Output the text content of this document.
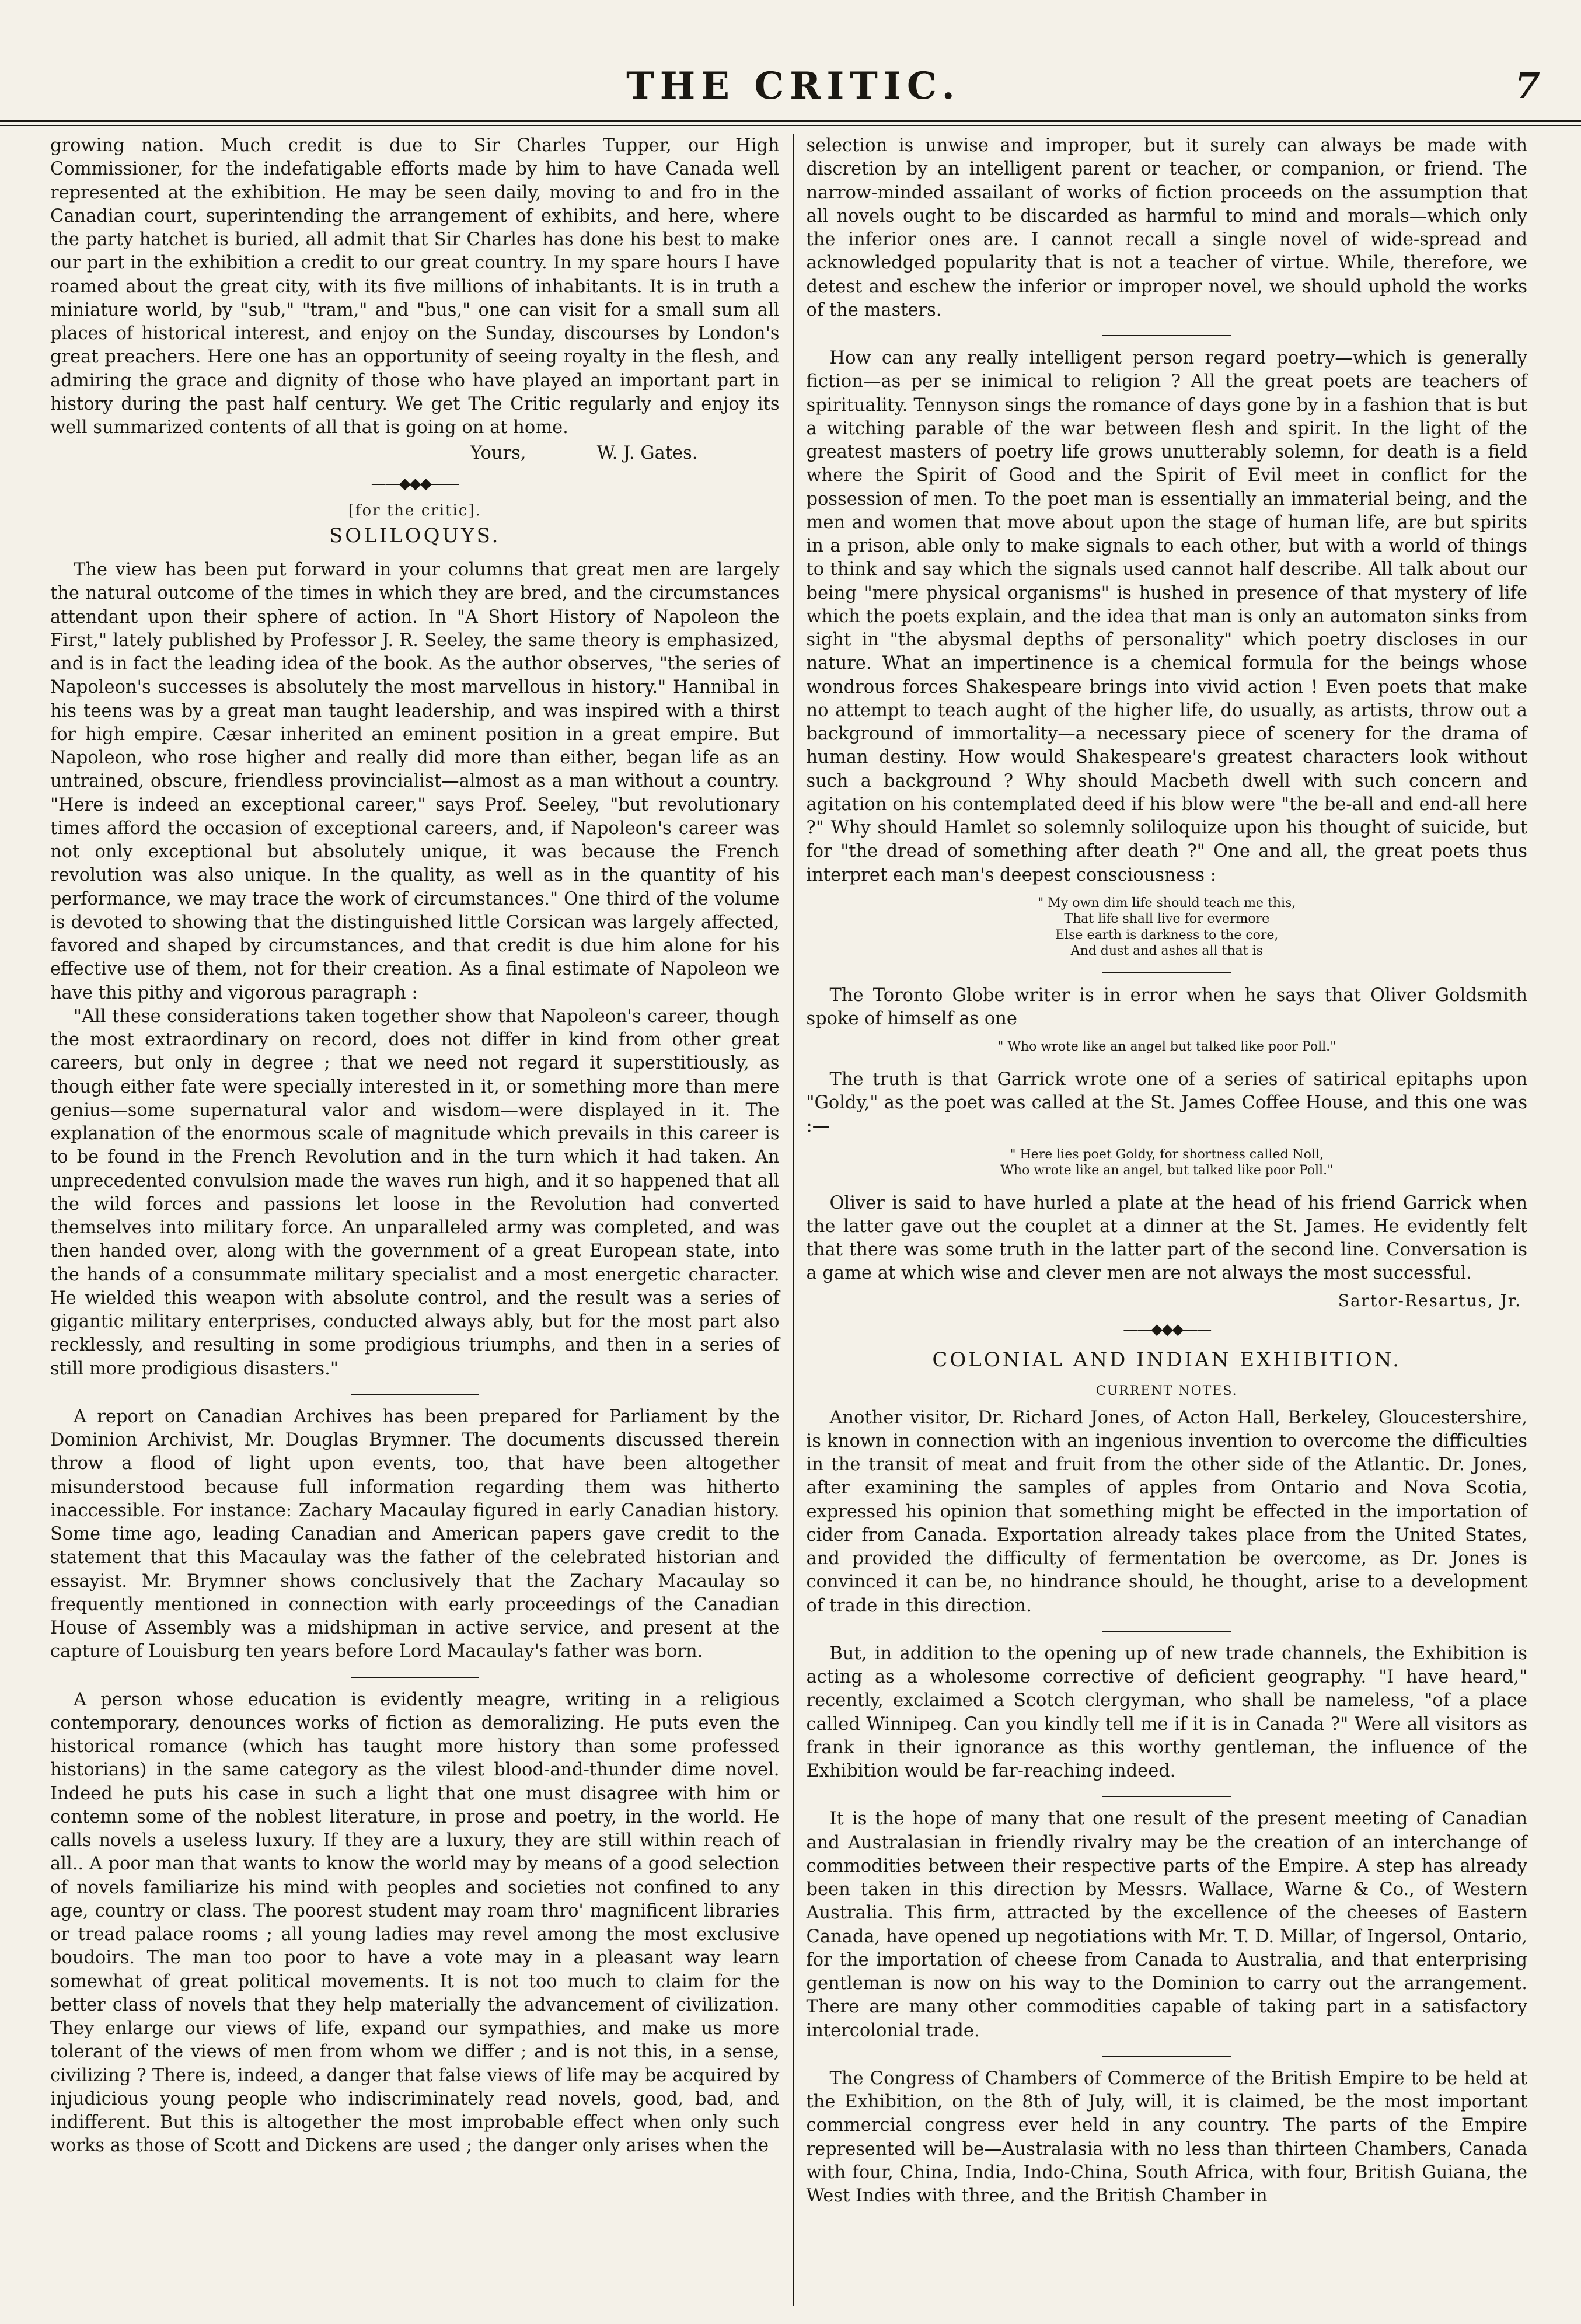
THE CRITIC.	7

growing nation. Much credit is due to Sir Charles Tupper, our High Commissioner, for the indefatigable efforts made by him to have Canada well represented at the exhibition. He may be seen daily, moving to and fro in the Canadian court, superintending the arrangement of exhibits, and here, where the party hatchet is buried, all admit that Sir Charles has done his best to make our part in the exhibition a credit to our great country. In my spare hours I have roamed about the great city, with its five millions of inhabitants. It is in truth a miniature world, by "sub," "tram," and "bus," one can visit for a small sum all places of historical interest, and enjoy on the Sunday, discourses by London's great preachers. Here one has an opportunity of seeing royalty in the flesh, and admiring the grace and dignity of those who have played an important part in history during the past half century. We get The Critic regularly and enjoy its well summarized contents of all that is going on at home.

Yours,	W. J. Gates.
——◆◆◆——
[for the critic].
SOLILOQUYS.

The view has been put forward in your columns that great men are largely the natural outcome of the times in which they are bred, and the circumstances attendant upon their sphere of action. In "A Short History of Napoleon the First," lately published by Professor J. R. Seeley, the same theory is emphasized, and is in fact the leading idea of the book. As the author observes, "the series of Napoleon's successes is absolutely the most marvellous in history." Hannibal in his teens was by a great man taught leadership, and was inspired with a thirst for high empire. Cæsar inherited an eminent position in a great empire. But Napoleon, who rose higher and really did more than either, began life as an untrained, obscure, friendless provincialist—almost as a man without a country. "Here is indeed an exceptional career," says Prof. Seeley, "but revolutionary times afford the occasion of exceptional careers, and, if Napoleon's career was not only exceptional but absolutely unique, it was because the French revolution was also unique. In the quality, as well as in the quantity of his performance, we may trace the work of circumstances." One third of the volume is devoted to showing that the distinguished little Corsican was largely affected, favored and shaped by circumstances, and that credit is due him alone for his effective use of them, not for their creation. As a final estimate of Napoleon we have this pithy and vigorous paragraph :

"All these considerations taken together show that Napoleon's career, though the most extraordinary on record, does not differ in kind from other great careers, but only in degree ; that we need not regard it superstitiously, as though either fate were specially interested in it, or something more than mere genius—some supernatural valor and wisdom—were displayed in it. The explanation of the enormous scale of magnitude which prevails in this career is to be found in the French Revolution and in the turn which it had taken. An unprecedented convulsion made the waves run high, and it so happened that all the wild forces and passions let loose in the Revolution had converted themselves into military force. An unparalleled army was completed, and was then handed over, along with the government of a great European state, into the hands of a consummate military specialist and a most energetic character. He wielded this weapon with absolute control, and the result was a series of gigantic military enterprises, conducted always ably, but for the most part also recklessly, and resulting in some prodigious triumphs, and then in a series of still more prodigious disasters."

A report on Canadian Archives has been prepared for Parliament by the Dominion Archivist, Mr. Douglas Brymner. The documents discussed therein throw a flood of light upon events, too, that have been altogether misunderstood because full information regarding them was hitherto inaccessible. For instance: Zachary Macaulay figured in early Canadian history. Some time ago, leading Canadian and American papers gave credit to the statement that this Macaulay was the father of the celebrated historian and essayist. Mr. Brymner shows conclusively that the Zachary Macaulay so frequently mentioned in connection with early proceedings of the Canadian House of Assembly was a midshipman in active service, and present at the capture of Louisburg ten years before Lord Macaulay's father was born.

A person whose education is evidently meagre, writing in a religious contemporary, denounces works of fiction as demoralizing. He puts even the historical romance (which has taught more history than some professed historians) in the same category as the vilest blood-and-thunder dime novel. Indeed he puts his case in such a light that one must disagree with him or contemn some of the noblest literature, in prose and poetry, in the world. He calls novels a useless luxury. If they are a luxury, they are still within reach of all.. A poor man that wants to know the world may by means of a good selection of novels familiarize his mind with peoples and societies not confined to any age, country or class. The poorest student may roam thro' magnificent libraries or tread palace rooms ; all young ladies may revel among the most exclusive boudoirs. The man too poor to have a vote may in a pleasant way learn somewhat of great political movements. It is not too much to claim for the better class of novels that they help materially the advancement of civilization. They enlarge our views of life, expand our sympathies, and make us more tolerant of the views of men from whom we differ ; and is not this, in a sense, civilizing ? There is, indeed, a danger that false views of life may be acquired by injudicious young people who indiscriminately read novels, good, bad, and indifferent. But this is altogether the most improbable effect when only such works as those of Scott and Dickens are used ; the danger only arises when the

selection is unwise and improper, but it surely can always be made with discretion by an intelligent parent or teacher, or companion, or friend. The narrow-minded assailant of works of fiction proceeds on the assumption that all novels ought to be discarded as harmful to mind and morals—which only the inferior ones are. I cannot recall a single novel of wide-spread and acknowledged popularity that is not a teacher of virtue. While, therefore, we detest and eschew the inferior or improper novel, we should uphold the works of the masters.

How can any really intelligent person regard poetry—which is generally fiction—as per se inimical to religion ? All the great poets are teachers of spirituality. Tennyson sings the romance of days gone by in a fashion that is but a witching parable of the war between flesh and spirit. In the light of the greatest masters of poetry life grows unutterably solemn, for death is a field where the Spirit of Good and the Spirit of Evil meet in conflict for the possession of men. To the poet man is essentially an immaterial being, and the men and women that move about upon the stage of human life, are but spirits in a prison, able only to make signals to each other, but with a world of things to think and say which the signals used cannot half describe. All talk about our being "mere physical organisms" is hushed in presence of that mystery of life which the poets explain, and the idea that man is only an automaton sinks from sight in "the abysmal depths of personality" which poetry discloses in our nature. What an impertinence is a chemical formula for the beings whose wondrous forces Shakespeare brings into vivid action ! Even poets that make no attempt to teach aught of the higher life, do usually, as artists, throw out a background of immortality—a necessary piece of scenery for the drama of human destiny. How would Shakespeare's greatest characters look without such a background ? Why should Macbeth dwell with such concern and agitation on his contemplated deed if his blow were "the be-all and end-all here ?" Why should Hamlet so solemnly soliloquize upon his thought of suicide, but for "the dread of something after death ?" One and all, the great poets thus interpret each man's deepest consciousness :

" My own dim life should teach me this,
That life shall live for evermore
Else earth is darkness to the core,
And dust and ashes all that is

The Toronto Globe writer is in error when he says that Oliver Goldsmith spoke of himself as one

" Who wrote like an angel but talked like poor Poll."

The truth is that Garrick wrote one of a series of satirical epitaphs upon "Goldy," as the poet was called at the St. James Coffee House, and this one was :—

" Here lies poet Goldy, for shortness called Noll,
Who wrote like an angel, but talked like poor Poll."

Oliver is said to have hurled a plate at the head of his friend Garrick when the latter gave out the couplet at a dinner at the St. James. He evidently felt that there was some truth in the latter part of the second line. Conversation is a game at which wise and clever men are not always the most successful.

Sartor-Resartus, Jr.
——◆◆◆——
COLONIAL AND INDIAN EXHIBITION.
CURRENT NOTES.

Another visitor, Dr. Richard Jones, of Acton Hall, Berkeley, Gloucestershire, is known in connection with an ingenious invention to overcome the difficulties in the transit of meat and fruit from the other side of the Atlantic. Dr. Jones, after examining the samples of apples from Ontario and Nova Scotia, expressed his opinion that something might be effected in the importation of cider from Canada. Exportation already takes place from the United States, and provided the difficulty of fermentation be overcome, as Dr. Jones is convinced it can be, no hindrance should, he thought, arise to a development of trade in this direction.

But, in addition to the opening up of new trade channels, the Exhibition is acting as a wholesome corrective of deficient geography. "I have heard," recently, exclaimed a Scotch clergyman, who shall be nameless, "of a place called Winnipeg. Can you kindly tell me if it is in Canada ?" Were all visitors as frank in their ignorance as this worthy gentleman, the influence of the Exhibition would be far-reaching indeed.

It is the hope of many that one result of the present meeting of Canadian and Australasian in friendly rivalry may be the creation of an interchange of commodities between their respective parts of the Empire. A step has already been taken in this direction by Messrs. Wallace, Warne & Co., of Western Australia. This firm, attracted by the excellence of the cheeses of Eastern Canada, have opened up negotiations with Mr. T. D. Millar, of Ingersol, Ontario, for the importation of cheese from Canada to Australia, and that enterprising gentleman is now on his way to the Dominion to carry out the arrangement. There are many other commodities capable of taking part in a satisfactory intercolonial trade.

The Congress of Chambers of Commerce of the British Empire to be held at the Exhibition, on the 8th of July, will, it is claimed, be the most important commercial congress ever held in any country. The parts of the Empire represented will be—Australasia with no less than thirteen Chambers, Canada with four, China, India, Indo-China, South Africa, with four, British Guiana, the West Indies with three, and the British Chamber in
